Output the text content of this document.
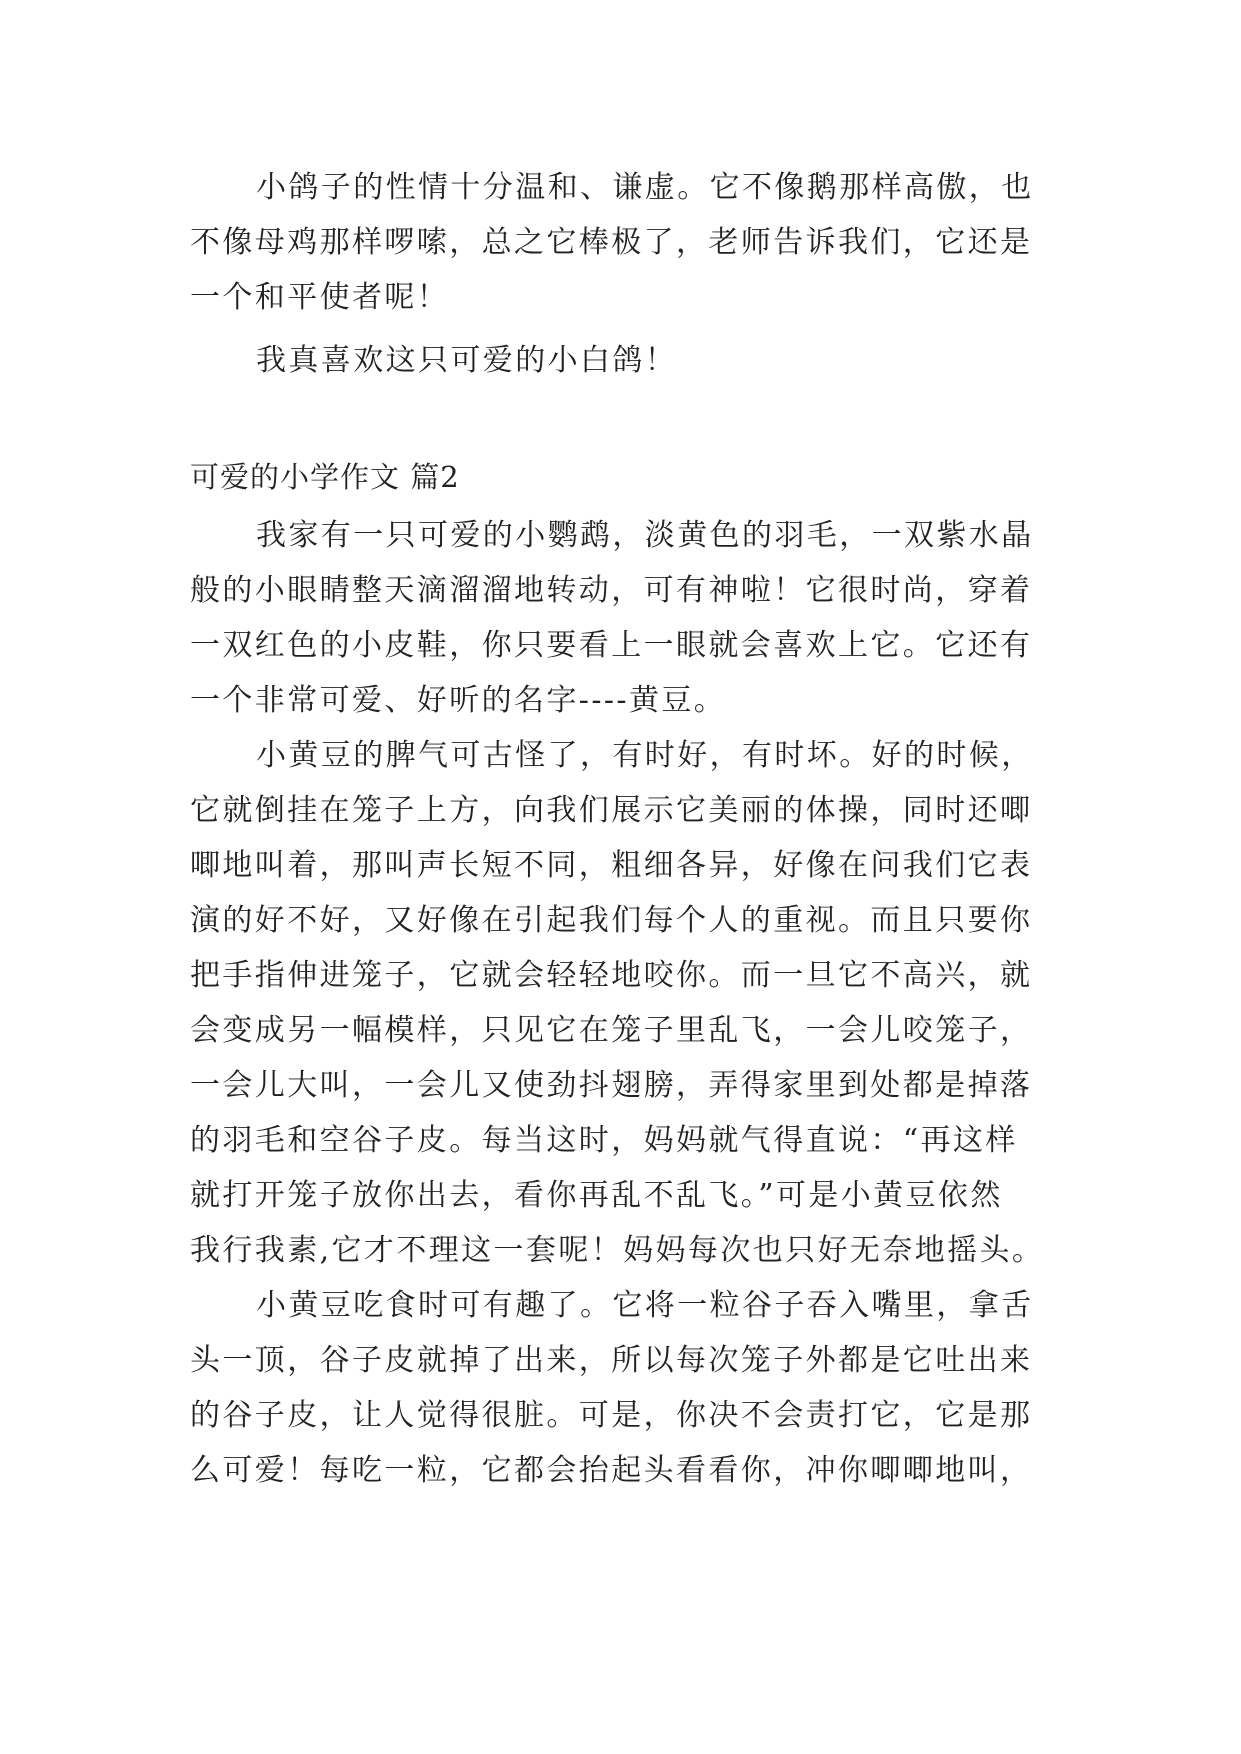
小鸽子的性情十分温和、谦虚。它不像鹅那样高傲，也
不像母鸡那样啰嗦，总之它棒极了，老师告诉我们，它还是
一个和平使者呢！
我真喜欢这只可爱的小白鸽！
可爱的小学作文 篇2
我家有一只可爱的小鹦鹉，淡黄色的羽毛，一双紫水晶
般的小眼睛整天滴溜溜地转动，可有神啦！它很时尚，穿着
一双红色的小皮鞋，你只要看上一眼就会喜欢上它。它还有
一个非常可爱、好听的名字----黄豆。
小黄豆的脾气可古怪了，有时好，有时坏。好的时候，
它就倒挂在笼子上方，向我们展示它美丽的体操，同时还唧
唧地叫着，那叫声长短不同，粗细各异，好像在问我们它表
演的好不好，又好像在引起我们每个人的重视。而且只要你
把手指伸进笼子，它就会轻轻地咬你。而一旦它不高兴，就
会变成另一幅模样，只见它在笼子里乱飞，一会儿咬笼子，
一会儿大叫，一会儿又使劲抖翅膀，弄得家里到处都是掉落
的羽毛和空谷子皮。每当这时，妈妈就气得直说：“再这样
就打开笼子放你出去，看你再乱不乱飞。”可是小黄豆依然
我行我素,它才不理这一套呢！妈妈每次也只好无奈地摇头。
小黄豆吃食时可有趣了。它将一粒谷子吞入嘴里，拿舌
头一顶，谷子皮就掉了出来，所以每次笼子外都是它吐出来
的谷子皮，让人觉得很脏。可是，你决不会责打它，它是那
么可爱！每吃一粒，它都会抬起头看看你，冲你唧唧地叫，
